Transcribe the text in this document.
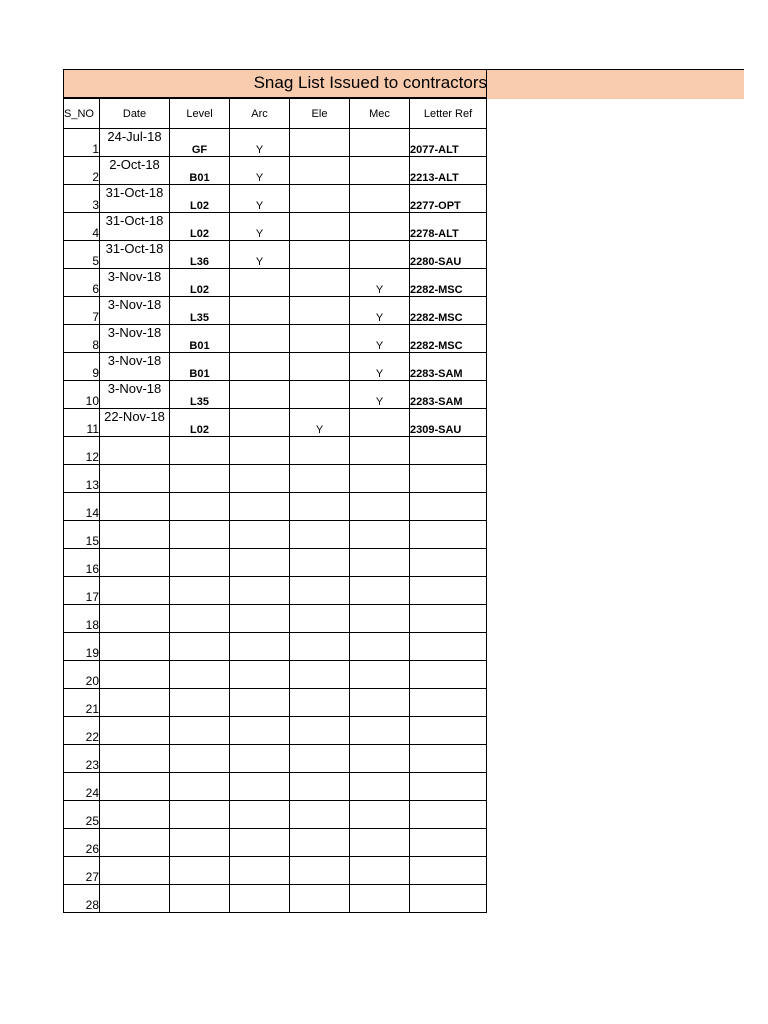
Snag List Issued to contractors
S_NO	Date	Level	Arc	Ele	Mec	Letter Ref
1	24-Jul-18	GF	Y			2077-ALT
2	2-Oct-18	B01	Y			2213-ALT
3	31-Oct-18	L02	Y			2277-OPT
4	31-Oct-18	L02	Y			2278-ALT
5	31-Oct-18	L36	Y			2280-SAU
6	3-Nov-18	L02			Y	2282-MSC
7	3-Nov-18	L35			Y	2282-MSC
8	3-Nov-18	B01			Y	2282-MSC
9	3-Nov-18	B01			Y	2283-SAM
10	3-Nov-18	L35			Y	2283-SAM
11	22-Nov-18	L02		Y		2309-SAU
12						
13						
14						
15						
16						
17						
18						
19						
20						
21						
22						
23						
24						
25						
26						
27						
28						
